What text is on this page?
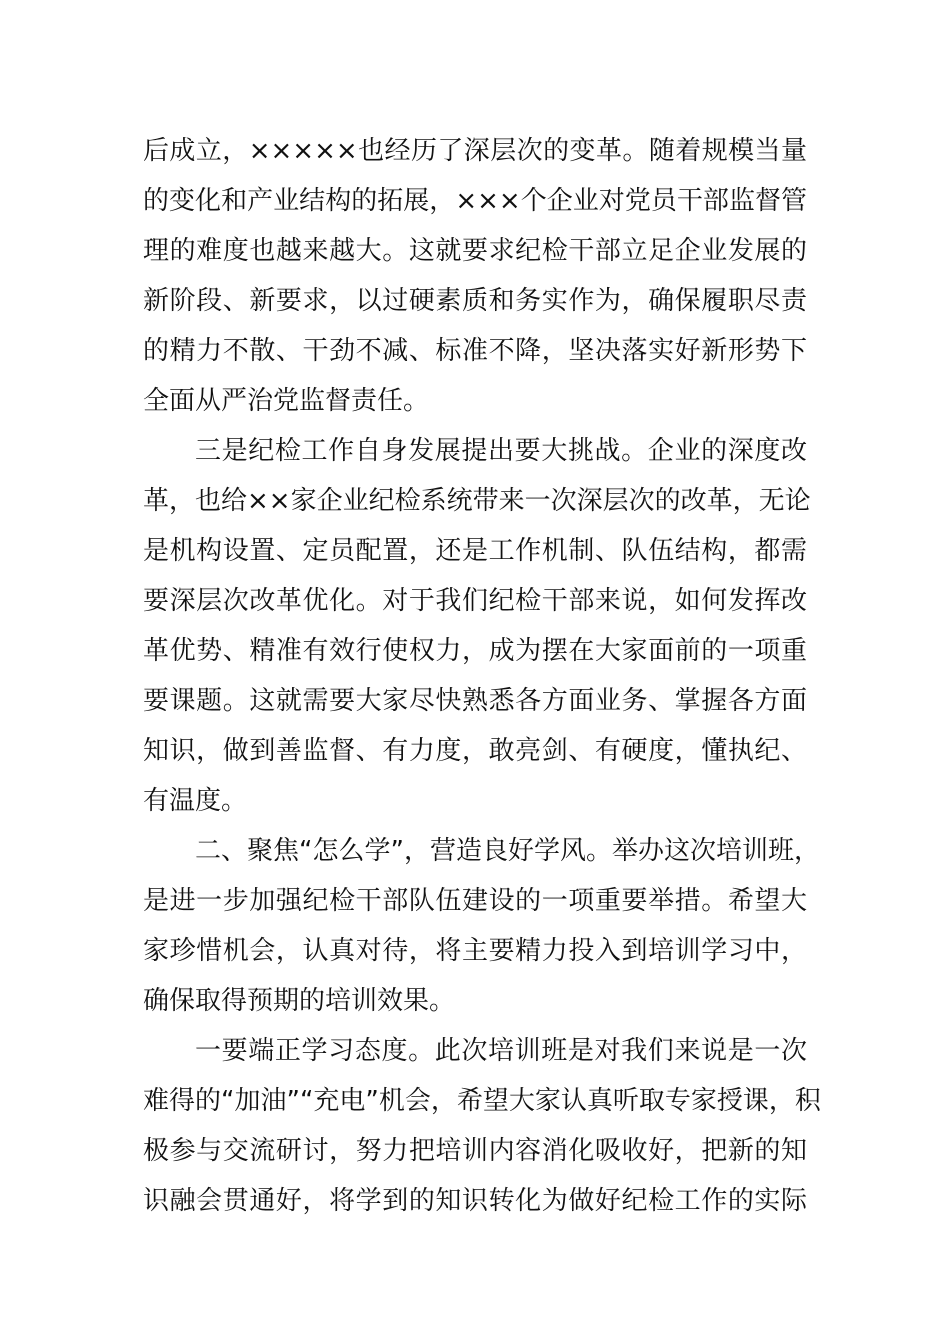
后成立，×××××也经历了深层次的变革。随着规模当量
的变化和产业结构的拓展，×××个企业对党员干部监督管
理的难度也越来越大。这就要求纪检干部立足企业发展的
新阶段、新要求，以过硬素质和务实作为，确保履职尽责
的精力不散、干劲不减、标准不降，坚决落实好新形势下
全面从严治党监督责任。
三是纪检工作自身发展提出要大挑战。企业的深度改
革，也给××家企业纪检系统带来一次深层次的改革，无论
是机构设置、定员配置，还是工作机制、队伍结构，都需
要深层次改革优化。对于我们纪检干部来说，如何发挥改
革优势、精准有效行使权力，成为摆在大家面前的一项重
要课题。这就需要大家尽快熟悉各方面业务、掌握各方面
知识，做到善监督、有力度，敢亮剑、有硬度，懂执纪、
有温度。
二、聚焦“怎么学”，营造良好学风。举办这次培训班，
是进一步加强纪检干部队伍建设的一项重要举措。希望大
家珍惜机会，认真对待，将主要精力投入到培训学习中，
确保取得预期的培训效果。
一要端正学习态度。此次培训班是对我们来说是一次
难得的“加油”“充电”机会，希望大家认真听取专家授课，积
极参与交流研讨，努力把培训内容消化吸收好，把新的知
识融会贯通好，将学到的知识转化为做好纪检工作的实际
